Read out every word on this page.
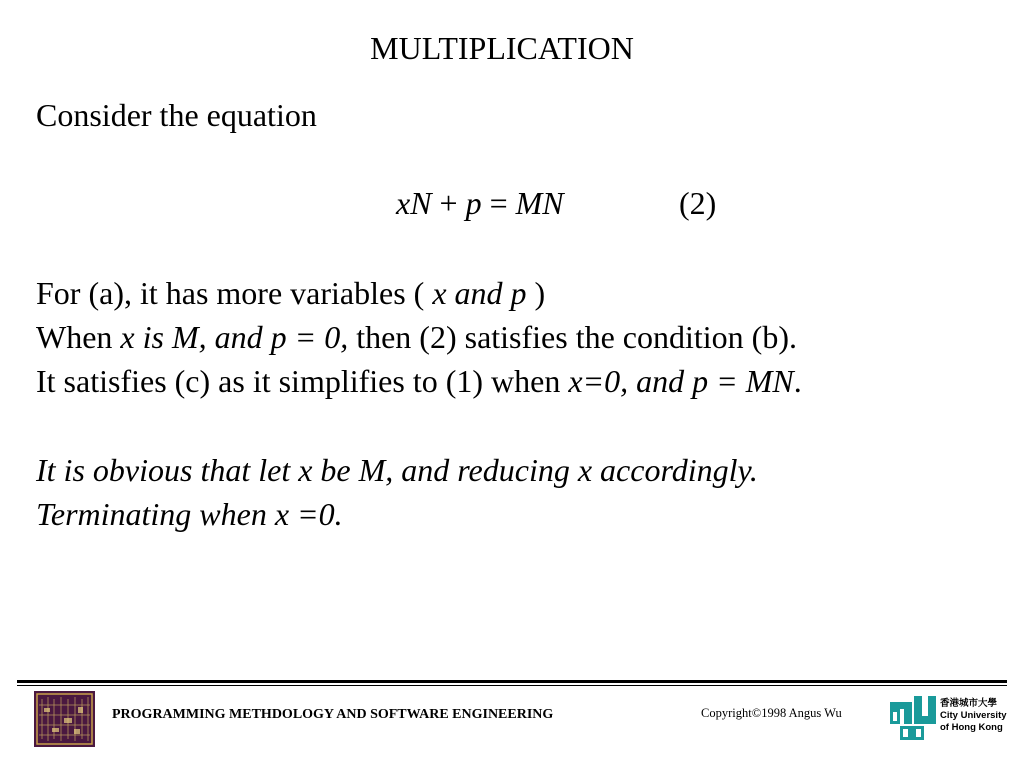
MULTIPLICATION
Consider the equation
xN + p = MN	(2)
For (a), it has more variables ( x and p )
When x is M, and p = 0, then (2) satisfies the condition (b).
It satisfies (c) as it simplifies to (1) when x=0, and p = MN.
It is obvious that let x be M, and reducing x accordingly.
Terminating when x =0.
PROGRAMMING METHDOLOGY AND SOFTWARE ENGINEERING	Copyright©1998 Angus Wu
香港城市大學
City University
of Hong Kong
